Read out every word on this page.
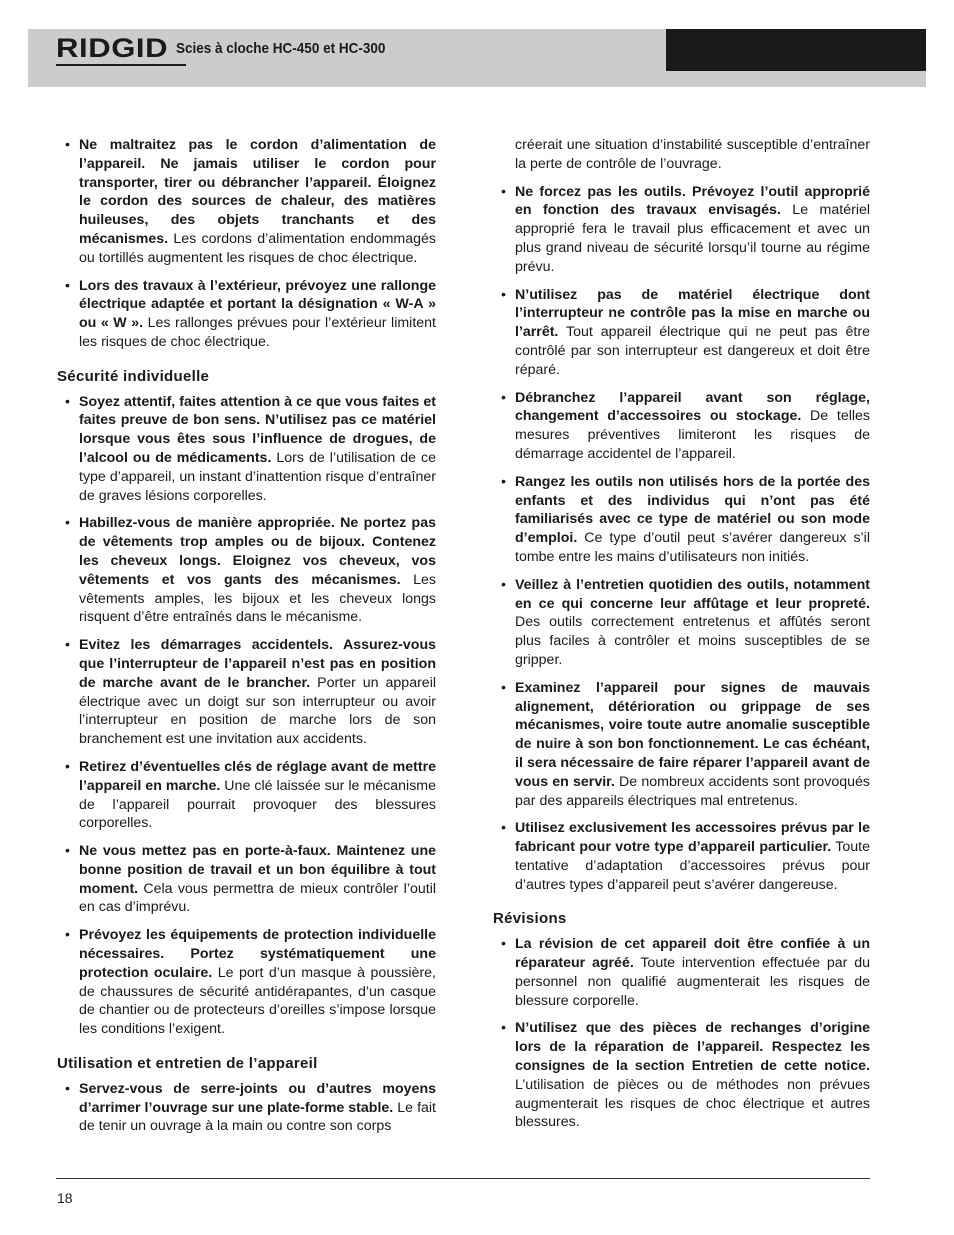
RIDGID Scies à cloche HC-450 et HC-300
• Ne maltraitez pas le cordon d’alimentation de l’appareil. Ne jamais utiliser le cordon pour transporter, tirer ou débrancher l’appareil. Éloignez le cordon des sources de chaleur, des matières huileuses, des objets tranchants et des mécanismes. Les cordons d’alimentation endommagés ou tortillés augmentent les risques de choc électrique.
• Lors des travaux à l’extérieur, prévoyez une rallonge électrique adaptée et portant la désignation « W-A » ou « W ». Les rallonges prévues pour l’extérieur limitent les risques de choc électrique.
Sécurité individuelle
• Soyez attentif, faites attention à ce que vous faites et faites preuve de bon sens. N’utilisez pas ce matériel lorsque vous êtes sous l’influence de drogues, de l’alcool ou de médicaments. Lors de l’utilisation de ce type d’appareil, un instant d’inattention risque d’entraîner de graves lésions corporelles.
• Habillez-vous de manière appropriée. Ne portez pas de vêtements trop amples ou de bijoux. Contenez les cheveux longs. Eloignez vos cheveux, vos vêtements et vos gants des mécanismes. Les vêtements amples, les bijoux et les cheveux longs risquent d’être entraînés dans le mécanisme.
• Evitez les démarrages accidentels. Assurez-vous que l’interrupteur de l’appareil n’est pas en position de marche avant de le brancher. Porter un appareil électrique avec un doigt sur son interrupteur ou avoir l’interrupteur en position de marche lors de son branchement est une invitation aux accidents.
• Retirez d’éventuelles clés de réglage avant de mettre l’appareil en marche. Une clé laissée sur le mécanisme de l’appareil pourrait provoquer des blessures corporelles.
• Ne vous mettez pas en porte-à-faux. Maintenez une bonne position de travail et un bon équilibre à tout moment. Cela vous permettra de mieux contrôler l’outil en cas d’imprévu.
• Prévoyez les équipements de protection individuelle nécessaires. Portez systématiquement une protection oculaire. Le port d’un masque à poussière, de chaussures de sécurité antidérapantes, d’un casque de chantier ou de protecteurs d’oreilles s’impose lorsque les conditions l’exigent.
Utilisation et entretien de l’appareil
• Servez-vous de serre-joints ou d’autres moyens d’arrimer l’ouvrage sur une plate-forme stable. Le fait de tenir un ouvrage à la main ou contre son corps
créerait une situation d’instabilité susceptible d’entraîner la perte de contrôle de l’ouvrage.
• Ne forcez pas les outils. Prévoyez l’outil approprié en fonction des travaux envisagés. Le matériel approprié fera le travail plus efficacement et avec un plus grand niveau de sécurité lorsqu’il tourne au régime prévu.
• N’utilisez pas de matériel électrique dont l’interrupteur ne contrôle pas la mise en marche ou l’arrêt. Tout appareil électrique qui ne peut pas être contrôlé par son interrupteur est dangereux et doit être réparé.
• Débranchez l’appareil avant son réglage, changement d’accessoires ou stockage. De telles mesures préventives limiteront les risques de démarrage accidentel de l’appareil.
• Rangez les outils non utilisés hors de la portée des enfants et des individus qui n’ont pas été familiarisés avec ce type de matériel ou son mode d’emploi. Ce type d’outil peut s’avérer dangereux s’il tombe entre les mains d’utilisateurs non initiés.
• Veillez à l’entretien quotidien des outils, notamment en ce qui concerne leur affûtage et leur propreté. Des outils correctement entretenus et affûtés seront plus faciles à contrôler et moins susceptibles de se gripper.
• Examinez l’appareil pour signes de mauvais alignement, détérioration ou grippage de ses mécanismes, voire toute autre anomalie susceptible de nuire à son bon fonctionnement. Le cas échéant, il sera nécessaire de faire réparer l’appareil avant de vous en servir. De nombreux accidents sont provoqués par des appareils électriques mal entretenus.
• Utilisez exclusivement les accessoires prévus par le fabricant pour votre type d’appareil particulier. Toute tentative d’adaptation d’accessoires prévus pour d’autres types d’appareil peut s’avérer dangereuse.
Révisions
• La révision de cet appareil doit être confiée à un réparateur agréé. Toute intervention effectuée par du personnel non qualifié augmenterait les risques de blessure corporelle.
• N’utilisez que des pièces de rechanges d’origine lors de la réparation de l’appareil. Respectez les consignes de la section Entretien de cette notice. L’utilisation de pièces ou de méthodes non prévues augmenterait les risques de choc électrique et autres blessures.
18
